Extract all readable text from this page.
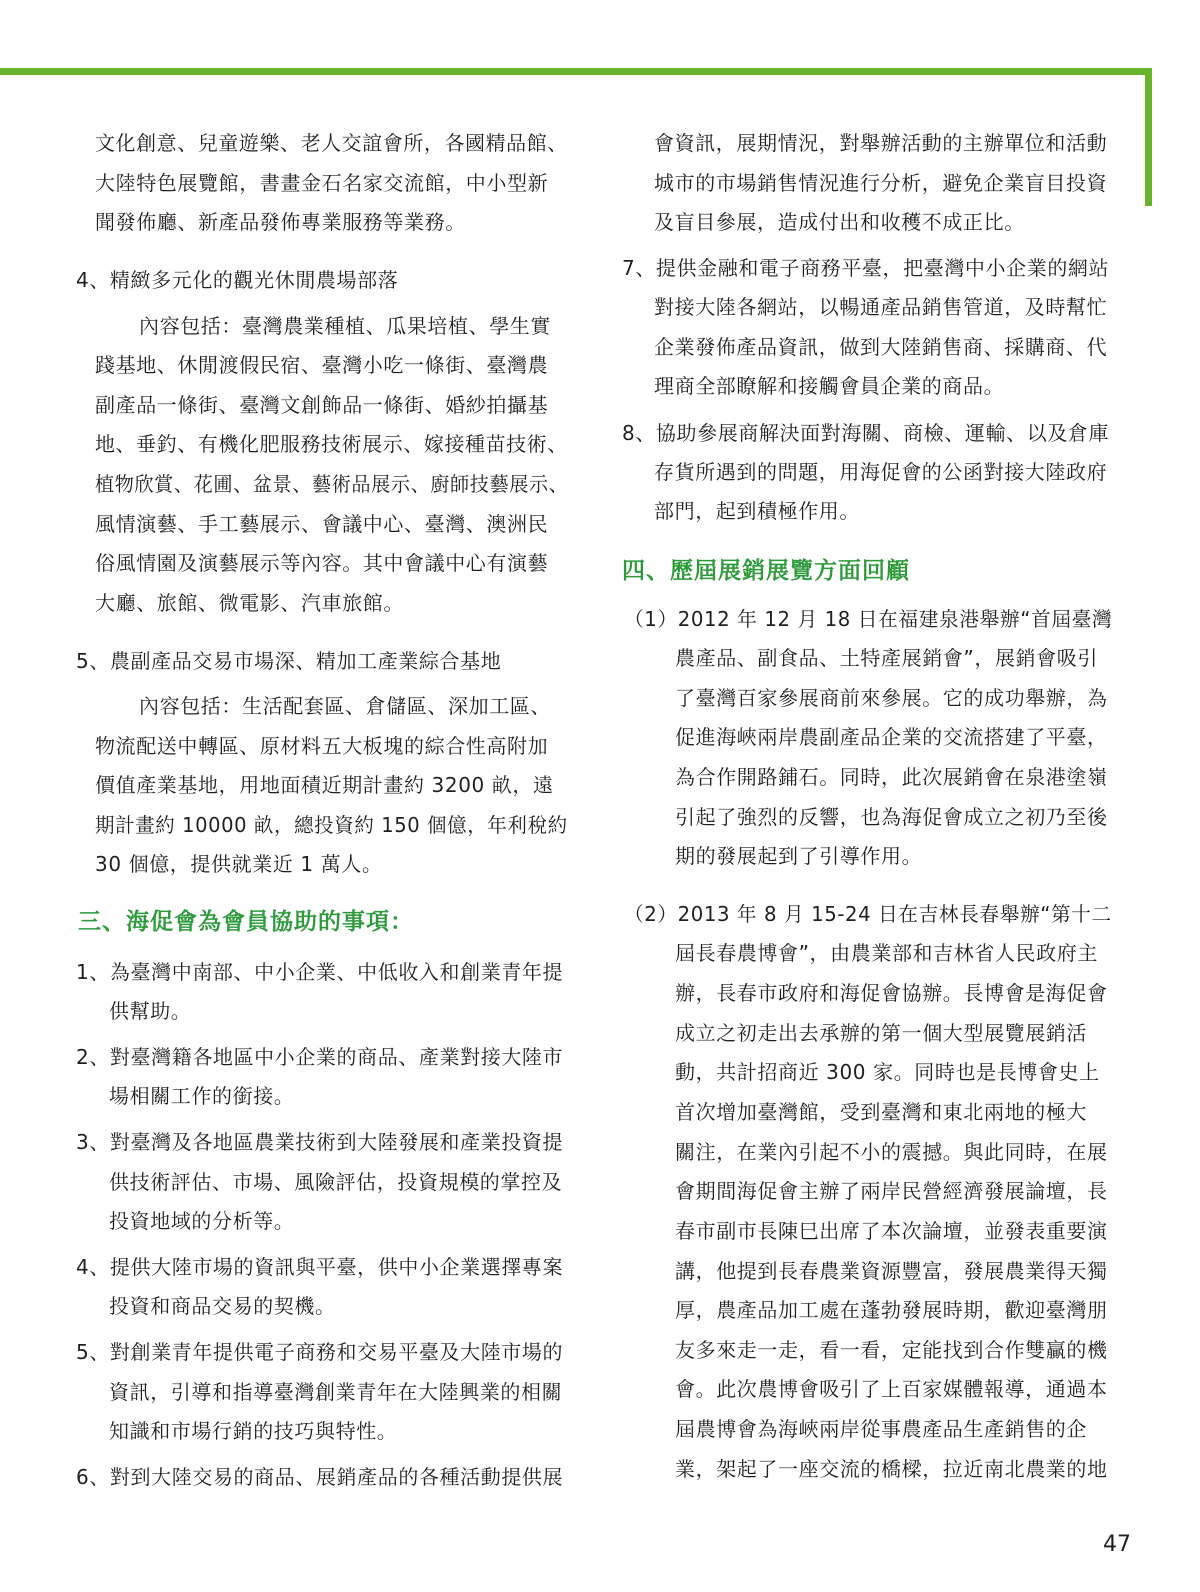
文化創意、兒童遊樂、老人交誼會所，各國精品館、
大陸特色展覽館，書畫金石名家交流館，中小型新
聞發佈廳、新產品發佈專業服務等業務。
4、精緻多元化的觀光休閒農場部落
內容包括：臺灣農業種植、瓜果培植、學生實
踐基地、休閒渡假民宿、臺灣小吃一條街、臺灣農
副產品一條街、臺灣文創飾品一條街、婚紗拍攝基
地、垂釣、有機化肥服務技術展示、嫁接種苗技術、
植物欣賞、花圃、盆景、藝術品展示、廚師技藝展示、
風情演藝、手工藝展示、會議中心、臺灣、澳洲民
俗風情園及演藝展示等內容。其中會議中心有演藝
大廳、旅館、微電影、汽車旅館。
5、農副產品交易市場深、精加工產業綜合基地
內容包括：生活配套區、倉儲區、深加工區、
物流配送中轉區、原材料五大板塊的綜合性高附加
價值產業基地，用地面積近期計畫約 3200 畝，遠
期計畫約 10000 畝，總投資約 150 個億，年利稅約
30 個億，提供就業近 1 萬人。
三、海促會為會員協助的事項：
1、為臺灣中南部、中小企業、中低收入和創業青年提
供幫助。
2、對臺灣籍各地區中小企業的商品、產業對接大陸市
場相關工作的銜接。
3、對臺灣及各地區農業技術到大陸發展和產業投資提
供技術評估、市場、風險評估，投資規模的掌控及
投資地域的分析等。
4、提供大陸市場的資訊與平臺，供中小企業選擇專案
投資和商品交易的契機。
5、對創業青年提供電子商務和交易平臺及大陸市場的
資訊，引導和指導臺灣創業青年在大陸興業的相關
知識和市場行銷的技巧與特性。
6、對到大陸交易的商品、展銷產品的各種活動提供展
會資訊，展期情況，對舉辦活動的主辦單位和活動
城市的市場銷售情況進行分析，避免企業盲目投資
及盲目參展，造成付出和收穫不成正比。
7、提供金融和電子商務平臺，把臺灣中小企業的網站
對接大陸各網站，以暢通產品銷售管道，及時幫忙
企業發佈產品資訊，做到大陸銷售商、採購商、代
理商全部瞭解和接觸會員企業的商品。
8、協助參展商解決面對海關、商檢、運輸、以及倉庫
存貨所遇到的問題，用海促會的公函對接大陸政府
部門，起到積極作用。
四、歷屆展銷展覽方面回顧
（1）2012 年 12 月 18 日在福建泉港舉辦“首屆臺灣
農產品、副食品、土特產展銷會”，展銷會吸引
了臺灣百家參展商前來參展。它的成功舉辦，為
促進海峽兩岸農副產品企業的交流搭建了平臺，
為合作開路鋪石。同時，此次展銷會在泉港塗嶺
引起了強烈的反響，也為海促會成立之初乃至後
期的發展起到了引導作用。
（2）2013 年 8 月 15-24 日在吉林長春舉辦“第十二
屆長春農博會”，由農業部和吉林省人民政府主
辦，長春市政府和海促會協辦。長博會是海促會
成立之初走出去承辦的第一個大型展覽展銷活
動，共計招商近 300 家。同時也是長博會史上
首次增加臺灣館，受到臺灣和東北兩地的極大
關注，在業內引起不小的震撼。與此同時，在展
會期間海促會主辦了兩岸民營經濟發展論壇，長
春市副市長陳巳出席了本次論壇，並發表重要演
講，他提到長春農業資源豐富，發展農業得天獨
厚，農產品加工處在蓬勃發展時期，歡迎臺灣朋
友多來走一走，看一看，定能找到合作雙贏的機
會。此次農博會吸引了上百家媒體報導，通過本
屆農博會為海峽兩岸從事農產品生產銷售的企
業，架起了一座交流的橋樑，拉近南北農業的地
47
